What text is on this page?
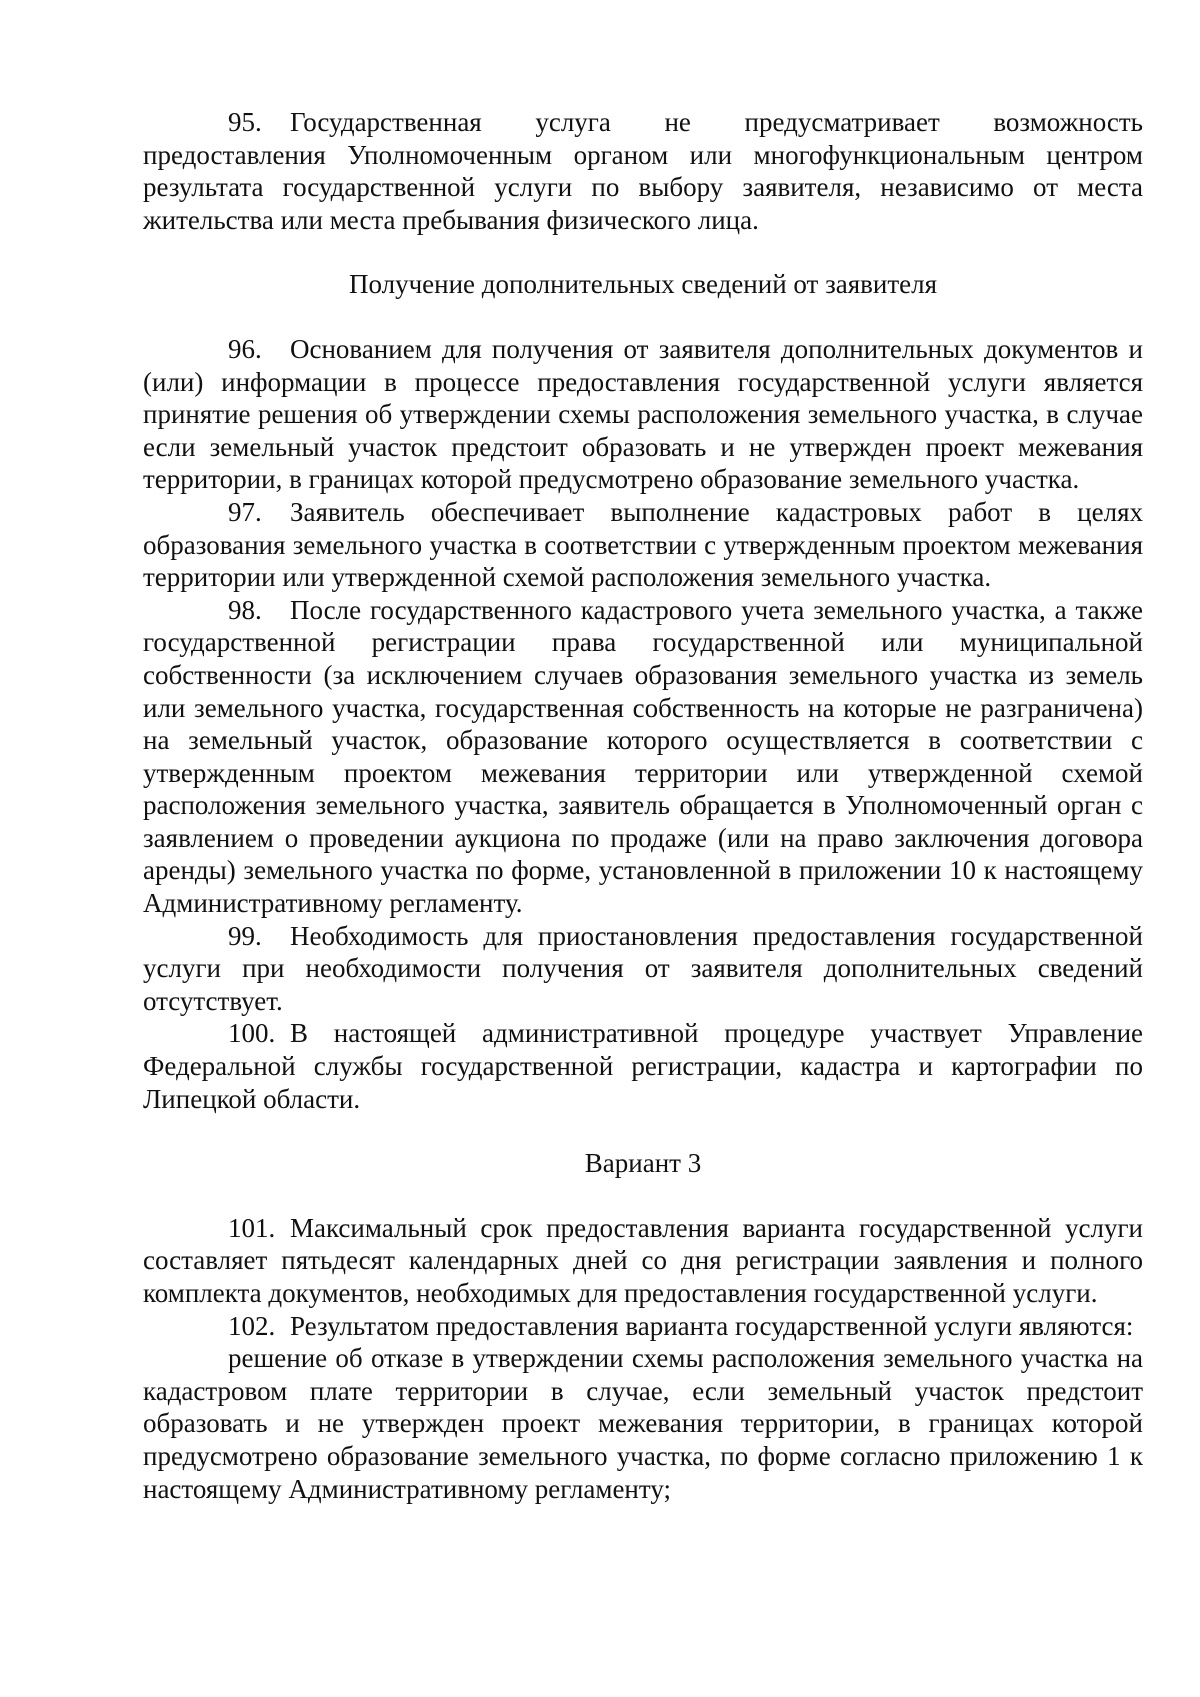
95. Государственная услуга не предусматривает возможность предоставления Уполномоченным органом или многофункциональным центром результата государственной услуги по выбору заявителя, независимо от места жительства или места пребывания физического лица.

Получение дополнительных сведений от заявителя

96. Основанием для получения от заявителя дополнительных документов и (или) информации в процессе предоставления государственной услуги является принятие решения об утверждении схемы расположения земельного участка, в случае если земельный участок предстоит образовать и не утвержден проект межевания территории, в границах которой предусмотрено образование земельного участка.

97. Заявитель обеспечивает выполнение кадастровых работ в целях образования земельного участка в соответствии с утвержденным проектом межевания территории или утвержденной схемой расположения земельного участка.

98. После государственного кадастрового учета земельного участка, а также государственной регистрации права государственной или муниципальной собственности (за исключением случаев образования земельного участка из земель или земельного участка, государственная собственность на которые не разграничена) на земельный участок, образование которого осуществляется в соответствии с утвержденным проектом межевания территории или утвержденной схемой расположения земельного участка, заявитель обращается в Уполномоченный орган с заявлением о проведении аукциона по продаже (или на право заключения договора аренды) земельного участка по форме, установленной в приложении 10 к настоящему Административному регламенту.

99. Необходимость для приостановления предоставления государственной услуги при необходимости получения от заявителя дополнительных сведений отсутствует.

100. В настоящей административной процедуре участвует Управление Федеральной службы государственной регистрации, кадастра и картографии по Липецкой области.

Вариант 3

101. Максимальный срок предоставления варианта государственной услуги составляет пятьдесят календарных дней со дня регистрации заявления и полного комплекта документов, необходимых для предоставления государственной услуги.

102. Результатом предоставления варианта государственной услуги являются:

решение об отказе в утверждении схемы расположения земельного участка на кадастровом плате территории в случае, если земельный участок предстоит образовать и не утвержден проект межевания территории, в границах которой предусмотрено образование земельного участка, по форме согласно приложению 1 к настоящему Административному регламенту;
